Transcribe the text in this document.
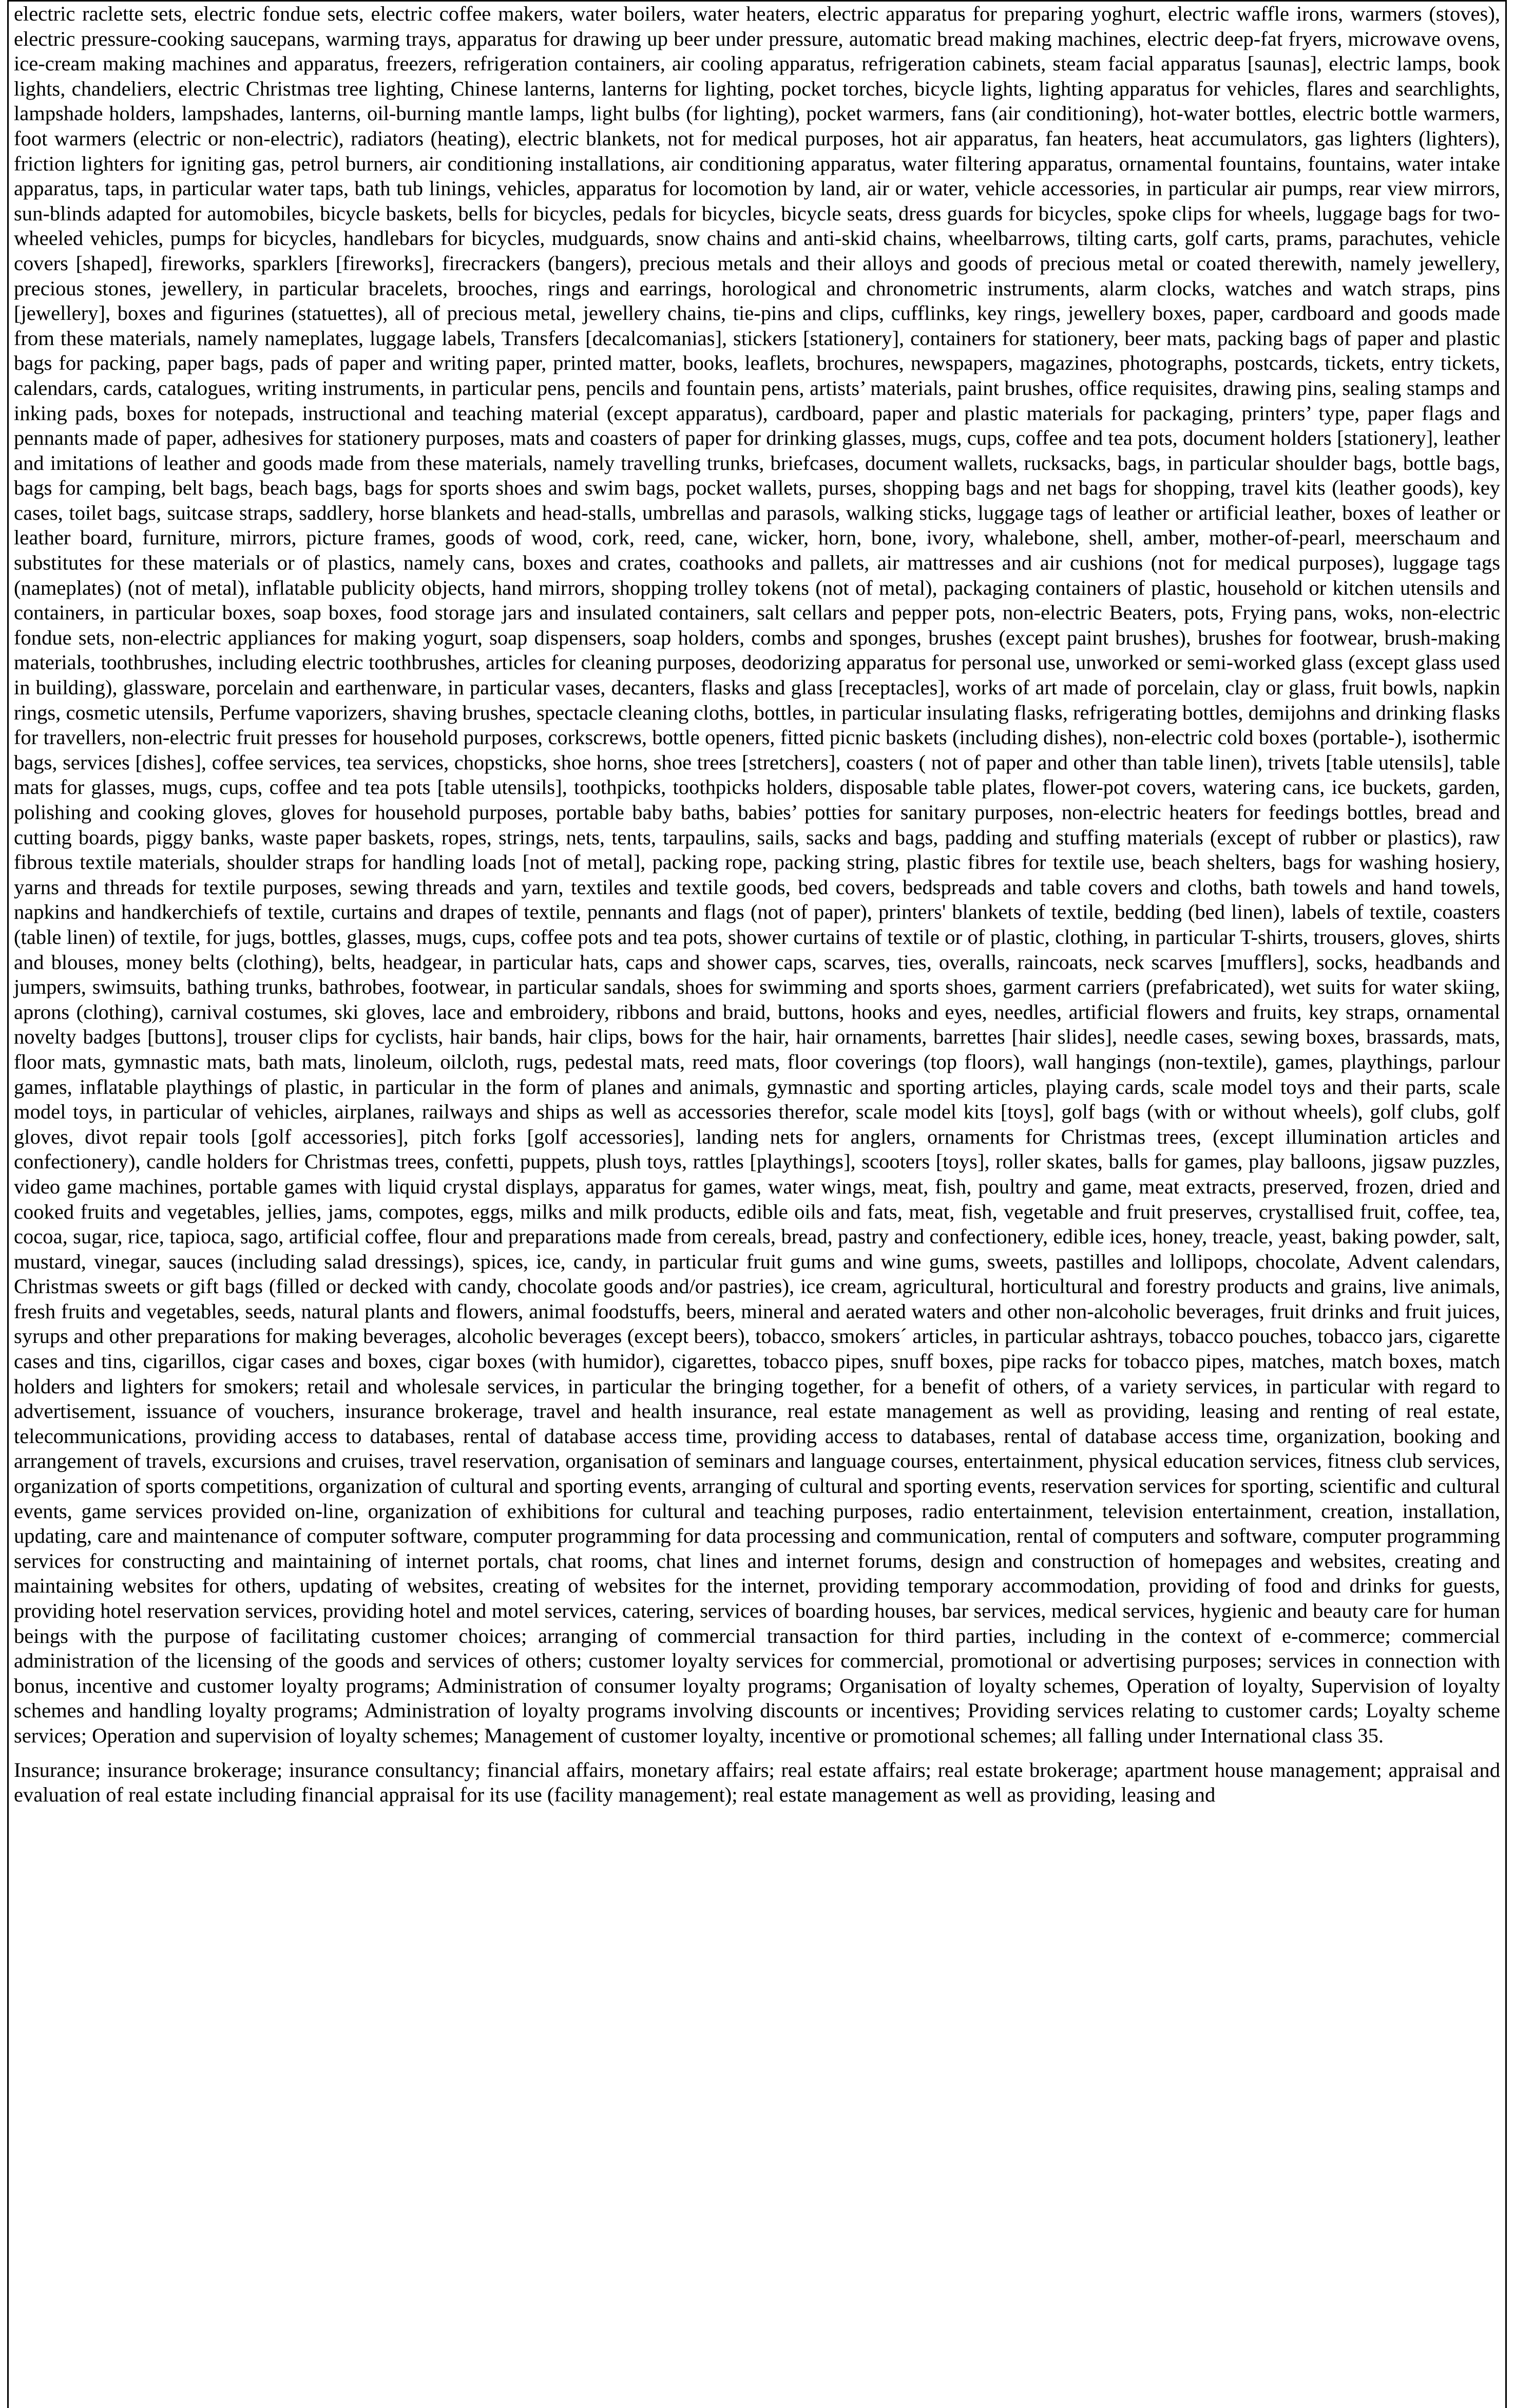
electric raclette sets, electric fondue sets, electric coffee makers, water boilers, water heaters, electric apparatus for preparing yoghurt, electric waffle irons, warmers (stoves), electric pressure-cooking saucepans, warming trays, apparatus for drawing up beer under pressure, automatic bread making machines, electric deep-fat fryers, microwave ovens, ice-cream making machines and apparatus, freezers, refrigeration containers, air cooling apparatus, refrigeration cabinets, steam facial apparatus [saunas], electric lamps, book lights, chandeliers, electric Christmas tree lighting, Chinese lanterns, lanterns for lighting, pocket torches, bicycle lights, lighting apparatus for vehicles, flares and searchlights, lampshade holders, lampshades, lanterns, oil-burning mantle lamps, light bulbs (for lighting), pocket warmers, fans (air conditioning), hot-water bottles, electric bottle warmers, foot warmers (electric or non-electric), radiators (heating), electric blankets, not for medical purposes, hot air apparatus, fan heaters, heat accumulators, gas lighters (lighters), friction lighters for igniting gas, petrol burners, air conditioning installations, air conditioning apparatus, water filtering apparatus, ornamental fountains, fountains, water intake apparatus, taps, in particular water taps, bath tub linings, vehicles, apparatus for locomotion by land, air or water, vehicle accessories, in particular air pumps, rear view mirrors, sun-blinds adapted for automobiles, bicycle baskets, bells for bicycles, pedals for bicycles, bicycle seats, dress guards for bicycles, spoke clips for wheels, luggage bags for two-wheeled vehicles, pumps for bicycles, handlebars for bicycles, mudguards, snow chains and anti-skid chains, wheelbarrows, tilting carts, golf carts, prams, parachutes, vehicle covers [shaped], fireworks, sparklers [fireworks], firecrackers (bangers), precious metals and their alloys and goods of precious metal or coated therewith, namely jewellery, precious stones, jewellery, in particular bracelets, brooches, rings and earrings, horological and chronometric instruments, alarm clocks, watches and watch straps, pins [jewellery], boxes and figurines (statuettes), all of precious metal, jewellery chains, tie-pins and clips, cufflinks, key rings, jewellery boxes, paper, cardboard and goods made from these materials, namely nameplates, luggage labels, Transfers [decalcomanias], stickers [stationery], containers for stationery, beer mats, packing bags of paper and plastic bags for packing, paper bags, pads of paper and writing paper, printed matter, books, leaflets, brochures, newspapers, magazines, photographs, postcards, tickets, entry tickets, calendars, cards, catalogues, writing instruments, in particular pens, pencils and fountain pens, artists’ materials, paint brushes, office requisites, drawing pins, sealing stamps and inking pads, boxes for notepads, instructional and teaching material (except apparatus), cardboard, paper and plastic materials for packaging, printers’ type, paper flags and pennants made of paper, adhesives for stationery purposes, mats and coasters of paper for drinking glasses, mugs, cups, coffee and tea pots, document holders [stationery], leather and imitations of leather and goods made from these materials, namely travelling trunks, briefcases, document wallets, rucksacks, bags, in particular shoulder bags, bottle bags, bags for camping, belt bags, beach bags, bags for sports shoes and swim bags, pocket wallets, purses, shopping bags and net bags for shopping, travel kits (leather goods), key cases, toilet bags, suitcase straps, saddlery, horse blankets and head-stalls, umbrellas and parasols, walking sticks, luggage tags of leather or artificial leather, boxes of leather or leather board, furniture, mirrors, picture frames, goods of wood, cork, reed, cane, wicker, horn, bone, ivory, whalebone, shell, amber, mother-of-pearl, meerschaum and substitutes for these materials or of plastics, namely cans, boxes and crates, coathooks and pallets, air mattresses and air cushions (not for medical purposes), luggage tags (nameplates) (not of metal), inflatable publicity objects, hand mirrors, shopping trolley tokens (not of metal), packaging containers of plastic, household or kitchen utensils and containers, in particular boxes, soap boxes, food storage jars and insulated containers, salt cellars and pepper pots, non-electric Beaters, pots, Frying pans, woks, non-electric fondue sets, non-electric appliances for making yogurt, soap dispensers, soap holders, combs and sponges, brushes (except paint brushes), brushes for footwear, brush-making materials, toothbrushes, including electric toothbrushes, articles for cleaning purposes, deodorizing apparatus for personal use, unworked or semi-worked glass (except glass used in building), glassware, porcelain and earthenware, in particular vases, decanters, flasks and glass [receptacles], works of art made of porcelain, clay or glass, fruit bowls, napkin rings, cosmetic utensils, Perfume vaporizers, shaving brushes, spectacle cleaning cloths, bottles, in particular insulating flasks, refrigerating bottles, demijohns and drinking flasks for travellers, non-electric fruit presses for household purposes, corkscrews, bottle openers, fitted picnic baskets (including dishes), non-electric cold boxes (portable-), isothermic bags, services [dishes], coffee services, tea services, chopsticks, shoe horns, shoe trees [stretchers], coasters ( not of paper and other than table linen), trivets [table utensils], table mats for glasses, mugs, cups, coffee and tea pots [table utensils], toothpicks, toothpicks holders, disposable table plates, flower-pot covers, watering cans, ice buckets, garden, polishing and cooking gloves, gloves for household purposes, portable baby baths, babies’ potties for sanitary purposes, non-electric heaters for feedings bottles, bread and cutting boards, piggy banks, waste paper baskets, ropes, strings, nets, tents, tarpaulins, sails, sacks and bags, padding and stuffing materials (except of rubber or plastics), raw fibrous textile materials, shoulder straps for handling loads [not of metal], packing rope, packing string, plastic fibres for textile use, beach shelters, bags for washing hosiery, yarns and threads for textile purposes, sewing threads and yarn, textiles and textile goods, bed covers, bedspreads and table covers and cloths, bath towels and hand towels, napkins and handkerchiefs of textile, curtains and drapes of textile, pennants and flags (not of paper), printers' blankets of textile, bedding (bed linen), labels of textile, coasters (table linen) of textile, for jugs, bottles, glasses, mugs, cups, coffee pots and tea pots, shower curtains of textile or of plastic, clothing, in particular T-shirts, trousers, gloves, shirts and blouses, money belts (clothing), belts, headgear, in particular hats, caps and shower caps, scarves, ties, overalls, raincoats, neck scarves [mufflers], socks, headbands and jumpers, swimsuits, bathing trunks, bathrobes, footwear, in particular sandals, shoes for swimming and sports shoes, garment carriers (prefabricated), wet suits for water skiing, aprons (clothing), carnival costumes, ski gloves, lace and embroidery, ribbons and braid, buttons, hooks and eyes, needles, artificial flowers and fruits, key straps, ornamental novelty badges [buttons], trouser clips for cyclists, hair bands, hair clips, bows for the hair, hair ornaments, barrettes [hair slides], needle cases, sewing boxes, brassards, mats, floor mats, gymnastic mats, bath mats, linoleum, oilcloth, rugs, pedestal mats, reed mats, floor coverings (top floors), wall hangings (non-textile), games, playthings, parlour games, inflatable playthings of plastic, in particular in the form of planes and animals, gymnastic and sporting articles, playing cards, scale model toys and their parts, scale model toys, in particular of vehicles, airplanes, railways and ships as well as accessories therefor, scale model kits [toys], golf bags (with or without wheels), golf clubs, golf gloves, divot repair tools [golf accessories], pitch forks [golf accessories], landing nets for anglers, ornaments for Christmas trees, (except illumination articles and confectionery), candle holders for Christmas trees, confetti, puppets, plush toys, rattles [playthings], scooters [toys], roller skates, balls for games, play balloons, jigsaw puzzles, video game machines, portable games with liquid crystal displays, apparatus for games, water wings, meat, fish, poultry and game, meat extracts, preserved, frozen, dried and cooked fruits and vegetables, jellies, jams, compotes, eggs, milks and milk products, edible oils and fats, meat, fish, vegetable and fruit preserves, crystallised fruit, coffee, tea, cocoa, sugar, rice, tapioca, sago, artificial coffee, flour and preparations made from cereals, bread, pastry and confectionery, edible ices, honey, treacle, yeast, baking powder, salt, mustard, vinegar, sauces (including salad dressings), spices, ice, candy, in particular fruit gums and wine gums, sweets, pastilles and lollipops, chocolate, Advent calendars, Christmas sweets or gift bags (filled or decked with candy, chocolate goods and/or pastries), ice cream, agricultural, horticultural and forestry products and grains, live animals, fresh fruits and vegetables, seeds, natural plants and flowers, animal foodstuffs, beers, mineral and aerated waters and other non-alcoholic beverages, fruit drinks and fruit juices, syrups and other preparations for making beverages, alcoholic beverages (except beers), tobacco, smokers´ articles, in particular ashtrays, tobacco pouches, tobacco jars, cigarette cases and tins, cigarillos, cigar cases and boxes, cigar boxes (with humidor), cigarettes, tobacco pipes, snuff boxes, pipe racks for tobacco pipes, matches, match boxes, match holders and lighters for smokers; retail and wholesale services, in particular the bringing together, for a benefit of others, of a variety services, in particular with regard to advertisement, issuance of vouchers, insurance brokerage, travel and health insurance, real estate management as well as providing, leasing and renting of real estate, telecommunications, providing access to databases, rental of database access time, providing access to databases, rental of database access time, organization, booking and arrangement of travels, excursions and cruises, travel reservation, organisation of seminars and language courses, entertainment, physical education services, fitness club services, organization of sports competitions, organization of cultural and sporting events, arranging of cultural and sporting events, reservation services for sporting, scientific and cultural events, game services provided on-line, organization of exhibitions for cultural and teaching purposes, radio entertainment, television entertainment, creation, installation, updating, care and maintenance of computer software, computer programming for data processing and communication, rental of computers and software, computer programming services for constructing and maintaining of internet portals, chat rooms, chat lines and internet forums, design and construction of homepages and websites, creating and maintaining websites for others, updating of websites, creating of websites for the internet, providing temporary accommodation, providing of food and drinks for guests, providing hotel reservation services, providing hotel and motel services, catering, services of boarding houses, bar services, medical services, hygienic and beauty care for human beings with the purpose of facilitating customer choices; arranging of commercial transaction for third parties, including in the context of e-commerce; commercial administration of the licensing of the goods and services of others; customer loyalty services for commercial, promotional or advertising purposes; services in connection with bonus, incentive and customer loyalty programs; Administration of consumer loyalty programs; Organisation of loyalty schemes, Operation of loyalty, Supervision of loyalty schemes and handling loyalty programs; Administration of loyalty programs involving discounts or incentives; Providing services relating to customer cards; Loyalty scheme services; Operation and supervision of loyalty schemes; Management of customer loyalty, incentive or promotional schemes; all falling under International class 35.

Insurance; insurance brokerage; insurance consultancy; financial affairs, monetary affairs; real estate affairs; real estate brokerage; apartment house management; appraisal and evaluation of real estate including financial appraisal for its use (facility management); real estate management as well as providing, leasing and
